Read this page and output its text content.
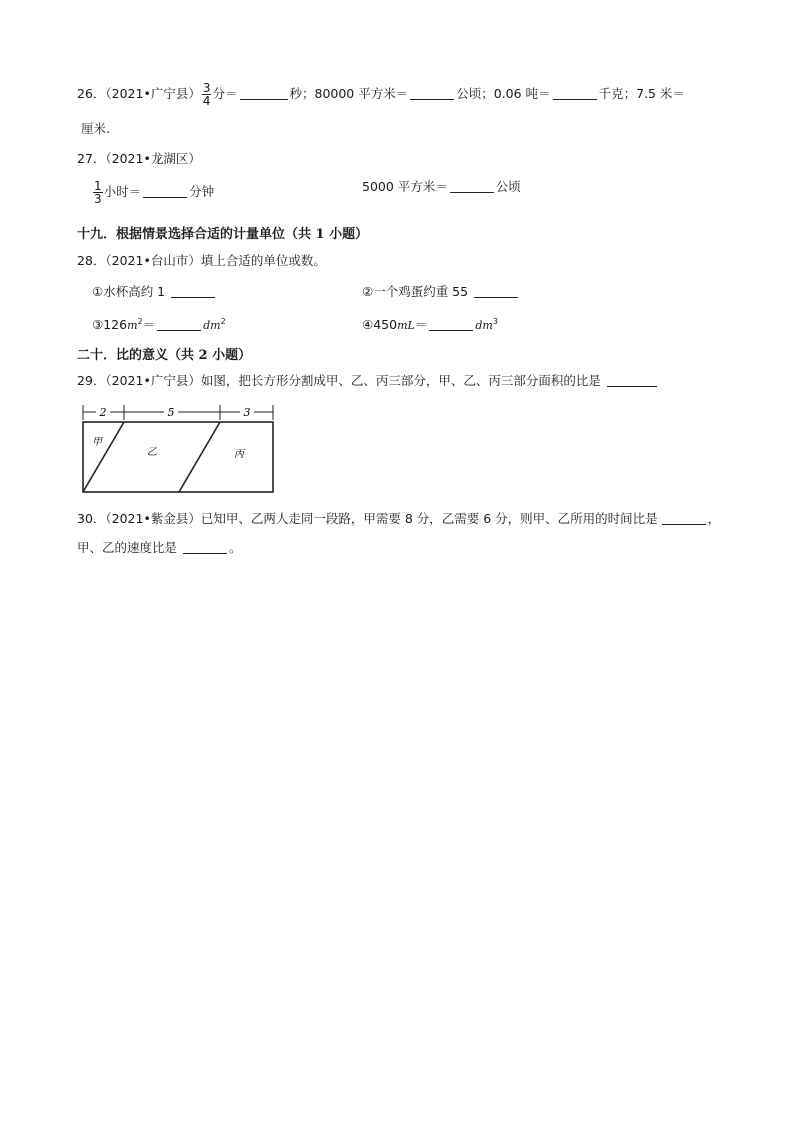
26．（2021•广宁县） $\frac{3}{4}$ 分＝	秒；80000 平方米＝	公顷；0.06 吨＝	千克；7.5 米＝
厘米.
27．（2021•龙湖区）
$\frac{1}{3}$ 小时＝	分钟	5000 平方米＝	公顷
十九．根据情景选择合适的计量单位（共 1 小题）
28．（2021•台山市）填上合适的单位或数。
①水杯高约 1	②一个鸡蛋约重 55
$③126m^2=$	$dm^2$	④450mL＝	$dm^3$
二十．比的意义（共 2 小题）
29．（2021•广宁县）如图，把长方形分割成甲、乙、丙三部分，甲、乙、丙三部分面积的比是
2	5	3
甲
乙	丙
30．（2021•紫金县）已知甲、乙两人走同一段路，甲需要 8 分，乙需要 6 分，则甲、乙所用的时间比是	，
甲、乙的速度比是	。
